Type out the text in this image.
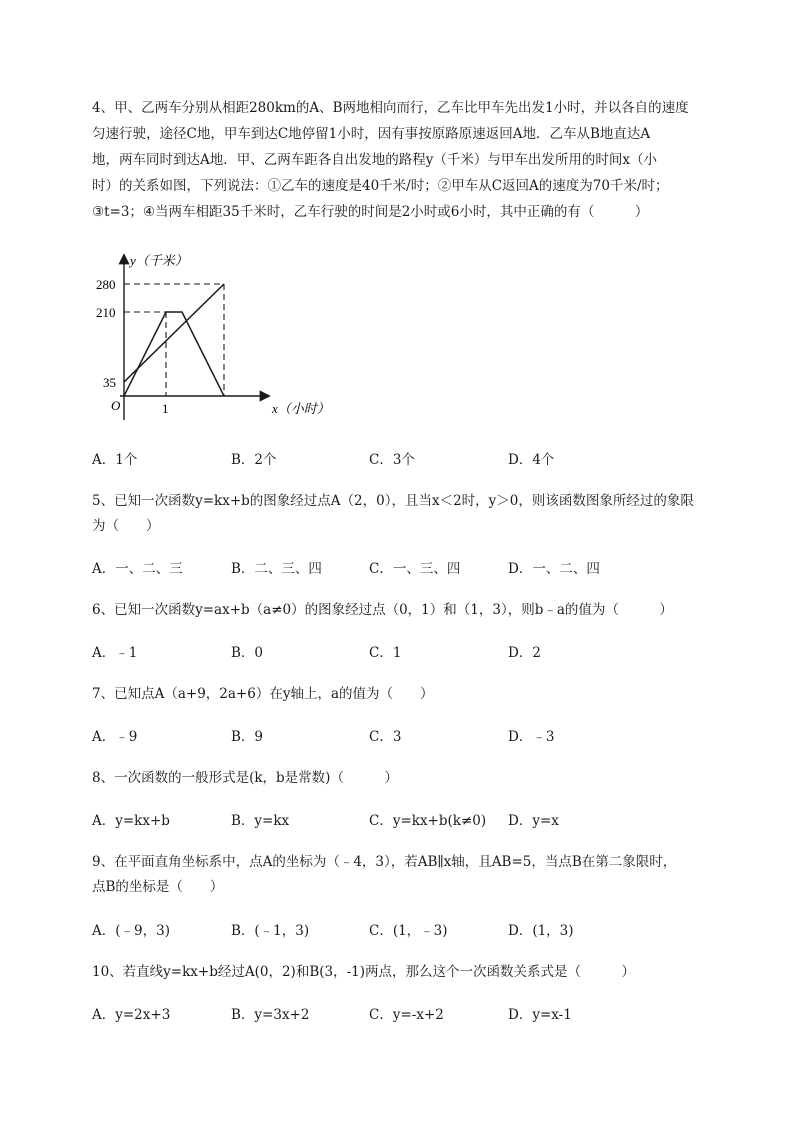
4、甲、乙两车分别从相距280km的A、B两地相向而行，乙车比甲车先出发1小时，并以各自的速度
匀速行驶，途径C地，甲车到达C地停留1小时，因有事按原路原速返回A地．乙车从B地直达A
地，两车同时到达A地．甲、乙两车距各自出发地的路程y（千米）与甲车出发所用的时间x（小
时）的关系如图，下列说法：①乙车的速度是40千米/时；②甲车从C返回A的速度为70千米/时；
③t=3；④当两车相距35千米时，乙车行驶的时间是2小时或6小时，其中正确的有（　　　）
y（千米）
280
210
35
O	1	x（小时）
A．1个	B．2个	C．3个	D．4个
5、已知一次函数y=kx+b的图象经过点A（2，0），且当x＜2时，y＞0，则该函数图象所经过的象限
为（　　）
A．一、二、三	B．二、三、四	C．一、三、四	D．一、二、四
6、已知一次函数y=ax+b（a≠0）的图象经过点（0，1）和（1，3），则b﹣a的值为（　　　）
A．﹣1	B．0	C．1	D．2
7、已知点A（a+9，2a+6）在y轴上，a的值为（　　）
A．﹣9	B．9	C．3	D．﹣3
8、一次函数的一般形式是(k，b是常数)（　　　）
A．y=kx+b	B．y=kx	C．y=kx+b(k≠0) D．y=x
9、在平面直角坐标系中，点A的坐标为（﹣4，3），若AB∥x轴，且AB=5，当点B在第二象限时，
点B的坐标是（　　）
A．(﹣9，3)	B．(﹣1，3)	C．(1，﹣3)	D．(1，3)
10、若直线y=kx+b经过A(0，2)和B(3，-1)两点，那么这个一次函数关系式是（　　　）
A．y=2x+3	B．y=3x+2	C．y=-x+2	D．y=x-1
